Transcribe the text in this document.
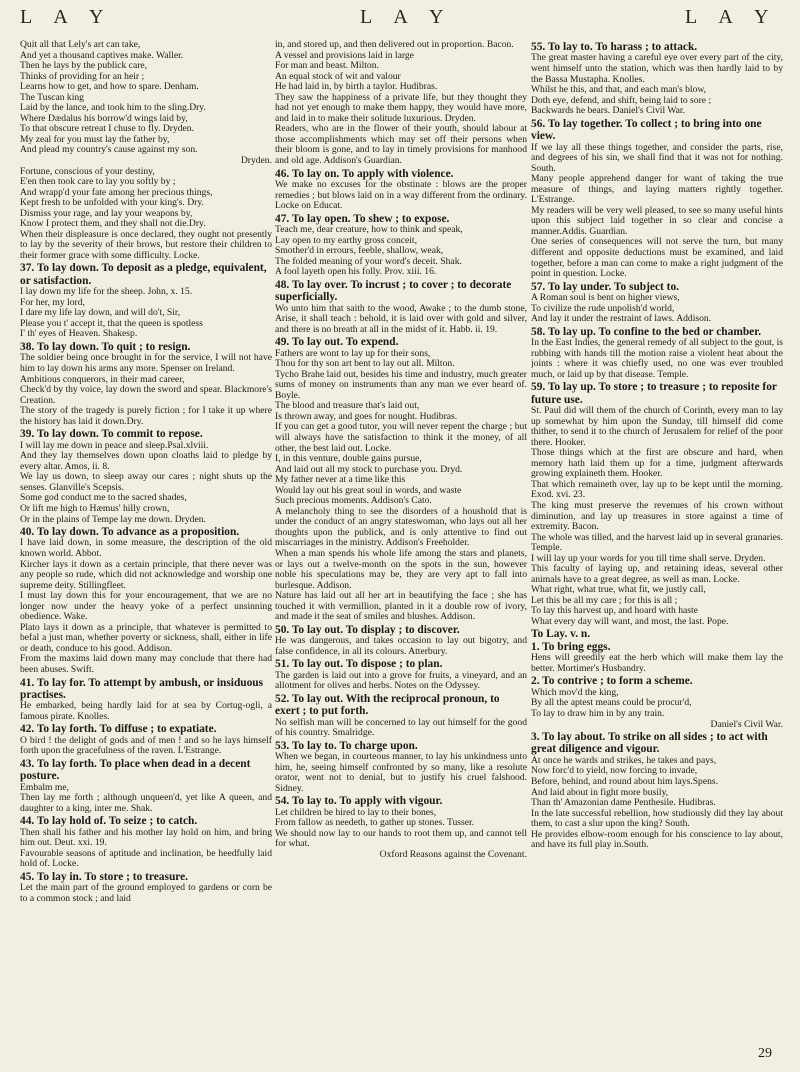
L A Y	L A Y	L A Y

Quit all that Lely's art can take,

And yet a thousand captives make. Waller.

Then he lays by the publick care,

Thinks of providing for an heir ;

Learns how to get, and how to spare. Denham.

The Tuscan king

Laid by the lance, and took him to the sling.Dry.

Where Dædalus his borrow'd wings laid by,

To that obscure retreat I chuse to fly. Dryden.

My zeal for you must lay the father by,

And plead my country's cause against my son.

Dryden.

Fortune, conscious of your destiny,

E'en then took care to lay you softly by ;

And wrapp'd your fate among her precious things,

Kept fresh to be unfolded with your king's. Dry.

Dismiss your rage, and lay your weapons by,

Know I protect them, and they shall not die.Dry.

When their displeasure is once declared, they ought not presently to lay by the severity of their brows, but restore their children to their former grace with some difficulty. Locke.

37. To lay down. To deposit as a pledge, equivalent, or satisfaction.

I lay down my life for the sheep. John, x. 15.

For her, my lord,

I dare my life lay down, and will do't, Sir,

Please you t' accept it, that the queen is spotless

I' th' eyes of Heaven. Shakesp.

38. To lay down. To quit ; to resign.

The soldier being once brought in for the service, I will not have him to lay down his arms any more. Spenser on Ireland.

Ambitious conquerors, in their mad career,

Check'd by thy voice, lay down the sword and spear. Blackmore's Creation.

The story of the tragedy is purely fiction ; for I take it up where the history has laid it down.Dry.

39. To lay down. To commit to repose.

I will lay me down in peace and sleep.Psal.xlviii.

And they lay themselves down upon cloaths laid to pledge by every altar. Amos, ii. 8.

We lay us down, to sleep away our cares ; night shuts up the senses. Glanville's Scepsis.

Some god conduct me to the sacred shades,

Or lift me high to Hæmus' hilly crown,

Or in the plains of Tempe lay me down. Dryden.

40. To lay down. To advance as a proposition.

I have laid down, in some measure, the description of the old known world. Abbot.

Kircher lays it down as a certain principle, that there never was any people so rude, which did not acknowledge and worship one supreme deity. Stillingfleet.

I must lay down this for your encouragement, that we are no longer now under the heavy yoke of a perfect unsinning obedience. Wake.

Plato lays it down as a principle, that whatever is permitted to befal a just man, whether poverty or sickness, shall, either in life or death, conduce to his good. Addison.

From the maxims laid down many may conclude that there had been abuses. Swift.

41. To lay for. To attempt by ambush, or insiduous practises.

He embarked, being hardly laid for at sea by Cortug-ogli, a famous pirate. Knolles.

42. To lay forth. To diffuse ; to expatiate.

O bird ! the delight of gods and of men ! and so he lays himself forth upon the gracefulness of the raven. L'Estrange.

43. To lay forth. To place when dead in a decent posture.

Embalm me,

Then lay me forth ; although unqueen'd, yet like A queen, and daughter to a king, inter me. Shak.

44. To lay hold of. To seize ; to catch.

Then shall his father and his mother lay hold on him, and bring him out. Deut. xxi. 19.

Favourable seasons of aptitude and inclination, be heedfully laid hold of. Locke.

45. To lay in. To store ; to treasure.

Let the main part of the ground employed to gardens or corn be to a common stock ; and laid

in, and stored up, and then delivered out in proportion. Bacon.

A vessel and provisions laid in large

For man and beast. Milton.

An equal stock of wit and valour

He had laid in, by birth a taylor. Hudibras.

They saw the happiness of a private life, but they thought they had not yet enough to make them happy, they would have more, and laid in to make their solitude luxurious. Dryden.

Readers, who are in the flower of their youth, should labour at those accomplishments which may set off their persons when their bloom is gone, and to lay in timely provisions for manhood and old age. Addison's Guardian.

46. To lay on. To apply with violence.

We make no excuses for the obstinate : blows are the proper remedies ; but blows laid on in a way different from the ordinary. Locke on Educat.

47. To lay open. To shew ; to expose.

Teach me, dear creature, how to think and speak,

Lay open to my earthy gross conceit,

Smother'd in errours, feeble, shallow, weak,

The folded meaning of your word's deceit. Shak.

A fool layeth open his folly. Prov. xiii. 16.

48. To lay over. To incrust ; to cover ; to decorate superficially.

Wo unto him that saith to the wood, Awake ; to the dumb stone, Arise, it shall teach : behold, it is laid over with gold and silver, and there is no breath at all in the midst of it. Habb. ii. 19.

49. To lay out. To expend.

Fathers are wont to lay up for their sons,

Thou for thy son art bent to lay out all. Milton.

Tycho Brahe laid out, besides his time and industry, much greater sums of money on instruments than any man we ever heard of. Boyle.

The blood and treasure that's laid out,

Is thrown away, and goes for nought. Hudibras.

If you can get a good tutor, you will never repent the charge ; but will always have the satisfaction to think it the money, of all other, the best laid out. Locke.

I, in this venture, double gains pursue,

And laid out all my stock to purchase you. Dryd.

My father never at a time like this

Would lay out his great soul in words, and waste

Such precious moments. Addison's Cato.

A melancholy thing to see the disorders of a houshold that is under the conduct of an angry stateswoman, who lays out all her thoughts upon the publick, and is only attentive to find out miscarriages in the ministry. Addison's Freeholder.

When a man spends his whole life among the stars and planets, or lays out a twelve-month on the spots in the sun, however noble his speculations may be, they are very apt to fall into burlesque. Addison.

Nature has laid out all her art in beautifying the face ; she has touched it with vermillion, planted in it a double row of ivory, and made it the seat of smiles and blushes. Addison.

50. To lay out. To display ; to discover.

He was dangerous, and takes occasion to lay out bigotry, and false confidence, in all its colours. Atterbury.

51. To lay out. To dispose ; to plan.

The garden is laid out into a grove for fruits, a vineyard, and an allotment for olives and herbs. Notes on the Odyssey.

52. To lay out. With the reciprocal pronoun, to exert ; to put forth.

No selfish man will be concerned to lay out himself for the good of his country. Smalridge.

53. To lay to. To charge upon.

When we began, in courteous manner, to lay his unkindness unto him, he, seeing himself confronted by so many, like a resolute orator, went not to denial, but to justify his cruel falshood. Sidney.

54. To lay to. To apply with vigour.

Let children be hired to lay to their bones,

From fallow as needeth, to gather up stones. Tusser.

We should now lay to our hands to root them up, and cannot tell for what.

Oxford Reasons against the Covenant.

55. To lay to. To harass ; to attack.

The great master having a careful eye over every part of the city, went himself unto the station, which was then hardly laid to by the Bassa Mustapha. Knolles.

Whilst he this, and that, and each man's blow,

Doth eye, defend, and shift, being laid to sore ;

Backwards he bears. Daniel's Civil War.

56. To lay together. To collect ; to bring into one view.

If we lay all these things together, and consider the parts, rise, and degrees of his sin, we shall find that it was not for nothing. South.

Many people apprehend danger for want of taking the true measure of things, and laying matters rightly together. L'Estrange.

My readers will be very well pleased, to see so many useful hints upon this subject laid together in so clear and concise a manner.Addis. Guardian.

One series of consequences will not serve the turn, but many different and opposite deductions must be examined, and laid together, before a man can come to make a right judgment of the point in question. Locke.

57. To lay under. To subject to.

A Roman soul is bent on higher views,

To civilize the rude unpolish'd world,

And lay it under the restraint of laws. Addison.

58. To lay up. To confine to the bed or chamber.

In the East Indies, the general remedy of all subject to the gout, is rubbing with hands till the motion raise a violent heat about the joints : where it was chiefly used, no one was ever troubled much, or laid up by that disease. Temple.

59. To lay up. To store ; to treasure ; to reposite for future use.

St. Paul did will them of the church of Corinth, every man to lay up somewhat by him upon the Sunday, till himself did come thither, to send it to the church of Jerusalem for relief of the poor there. Hooker.

Those things which at the first are obscure and hard, when memory hath laid them up for a time, judgment afterwards growing explaineth them. Hooker.

That which remaineth over, lay up to be kept until the morning. Exod. xvi. 23.

The king must preserve the revenues of his crown without diminution, and lay up treasures in store against a time of extremity. Bacon.

The whole was tilled, and the harvest laid up in several granaries. Temple.

I will lay up your words for you till time shall serve. Dryden.

This faculty of laying up, and retaining ideas, several other animals have to a great degree, as well as man. Locke.

What right, what true, what fit, we justly call,

Let this be all my care ; for this is all ;

To lay this harvest up, and hoard with haste

What every day will want, and most, the last. Pope.

To Lay. v. n.

1. To bring eggs.

Hens will greedily eat the herb which will make them lay the better. Mortimer's Husbandry.

2. To contrive ; to form a scheme.

Which mov'd the king,

By all the aptest means could be procur'd,

To lay to draw him in by any train.

Daniel's Civil War.

3. To lay about. To strike on all sides ; to act with great diligence and vigour.

At once he wards and strikes, he takes and pays,

Now forc'd to yield, now forcing to invade,

Before, behind, and round about him lays.Spens.

And laid about in fight more busily,

Than th' Amazonian dame Penthesile. Hudibras.

In the late successful rebellion, how studiously did they lay about them, to cast a slur upon the king? South.

He provides elbow-room enough for his conscience to lay about, and have its full play in.South.

29
